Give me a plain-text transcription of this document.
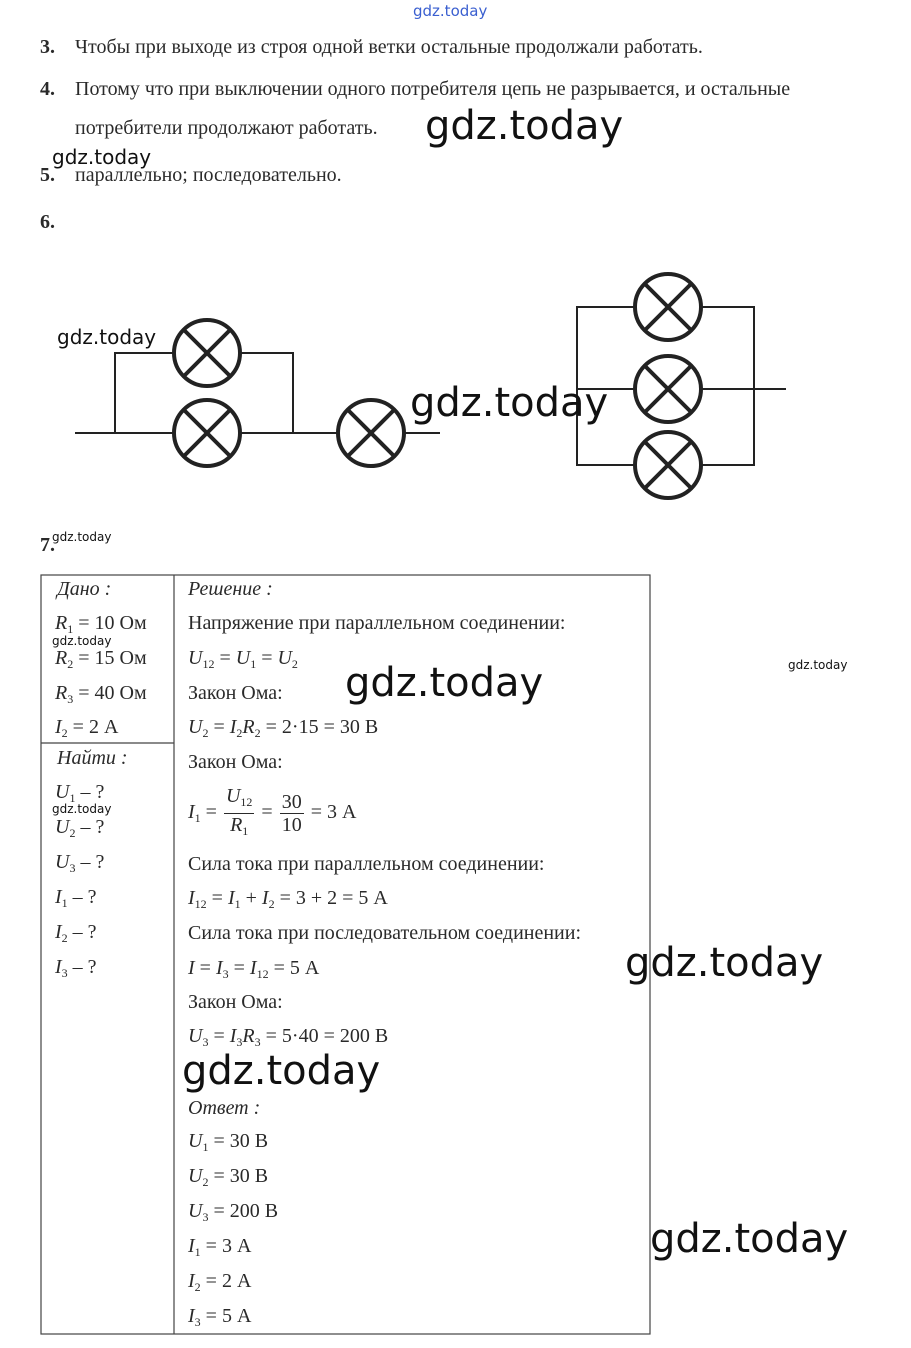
gdz.today
3. Чтобы при выходе из строя одной ветки остальные продолжали работать.
4. Потому что при выключении одного потребителя цепь не разрывается, и остальные
потребители продолжают работать. gdz.today
gdz.today
5. параллельно; последовательно.
6.
gdz.today
gdz.today
7.
gdz.today
Дано :
$R_1 = 10$ Ом
gdz.today
$R_2 = 15$ Ом
$R_3 = 40$ Ом
$I_2 = 2$ А
Найти :
$U_1$ – ?
gdz.today
$U_2$ – ?
$U_3$ – ?
$I_1$ – ?
$I_2$ – ?
$I_3$ – ?
Решение :
Напряжение при параллельном соединении:
$U_{12} = U_1 = U_2$
Закон Ома:
$U_2 = I_2R_2 = 2\cdot 15 = 30$ В
Закон Ома:
$I_1 = \frac{U_{12}}{R_1} = \frac{30}{10} = 3$ А
Сила тока при параллельном соединении:
$I_{12} = I_1 + I_2 = 3 + 2 = 5$ А
Сила тока при последовательном соединении:
$I = I_3 = I_{12} = 5$ А
Закон Ома:
$U_3 = I_3R_3 = 5\cdot 40 = 200$ В
Ответ :
$U_1 = 30$ В
$U_2 = 30$ В
$U_3 = 200$ В
$I_1 = 3$ А
$I_2 = 2$ А
$I_3 = 5$ А
gdz.today	gdz.today
gdz.today
gdz.today
gdz.today
